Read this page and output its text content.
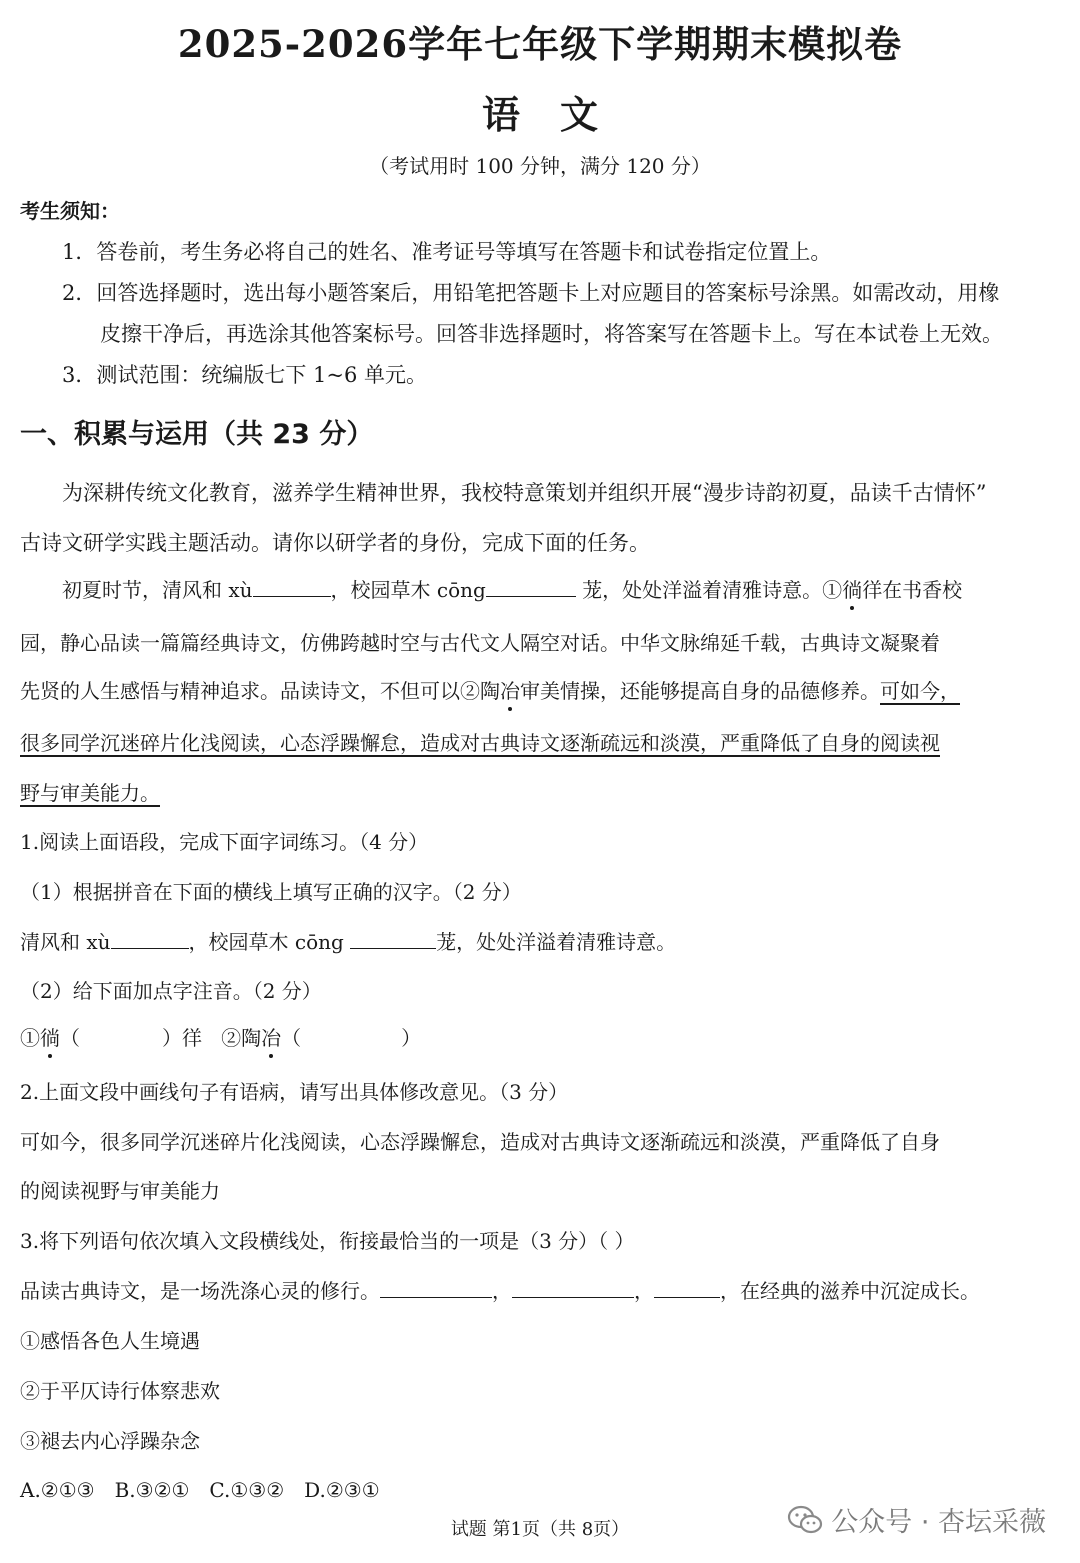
2025-2026学年七年级下学期期末模拟卷
语文
（考试用时 100 分钟，满分 120 分）
考生须知：
1．答卷前，考生务必将自己的姓名、准考证号等填写在答题卡和试卷指定位置上。
2．回答选择题时，选出每小题答案后，用铅笔把答题卡上对应题目的答案标号涂黑。如需改动，用橡
皮擦干净后，再选涂其他答案标号。回答非选择题时，将答案写在答题卡上。写在本试卷上无效。
3．测试范围：统编版七下 1~6 单元。
一、积累与运用（共 23 分）
为深耕传统文化教育，滋养学生精神世界，我校特意策划并组织开展“漫步诗韵初夏，品读千古情怀”
古诗文研学实践主题活动。请你以研学者的身份，完成下面的任务。
初夏时节，清风和 xù	，校园草木 cōng	茏，处处洋溢着清雅诗意。①徜徉在书香校
园，静心品读一篇篇经典诗文，仿佛跨越时空与古代文人隔空对话。中华文脉绵延千载，古典诗文凝聚着
先贤的人生感悟与精神追求。品读诗文，不但可以②陶冶审美情操，还能够提高自身的品德修养。可如今，
很多同学沉迷碎片化浅阅读，心态浮躁懈怠，造成对古典诗文逐渐疏远和淡漠，严重降低了自身的阅读视
野与审美能力。
1.阅读上面语段，完成下面字词练习。（4 分）
（1）根据拼音在下面的横线上填写正确的汉字。（2 分）
清风和 xù	，校园草木 cōng	茏，处处洋溢着清雅诗意。
（2）给下面加点字注音。（2 分）
①徜（	）徉 ②陶冶（	）
2.上面文段中画线句子有语病，请写出具体修改意见。（3 分）
可如今，很多同学沉迷碎片化浅阅读，心态浮躁懈怠，造成对古典诗文逐渐疏远和淡漠，严重降低了自身
的阅读视野与审美能力
3.将下列语句依次填入文段横线处，衔接最恰当的一项是（3 分）（ ）
品读古典诗文，是一场洗涤心灵的修行。	，	，	，在经典的滋养中沉淀成长。
①感悟各色人生境遇
②于平仄诗行体察悲欢
③褪去内心浮躁杂念
A.②①③　B.③②①　C.①③②　D.②③①
试题 第1页（共 8页）	公众号 · 杏坛采薇
